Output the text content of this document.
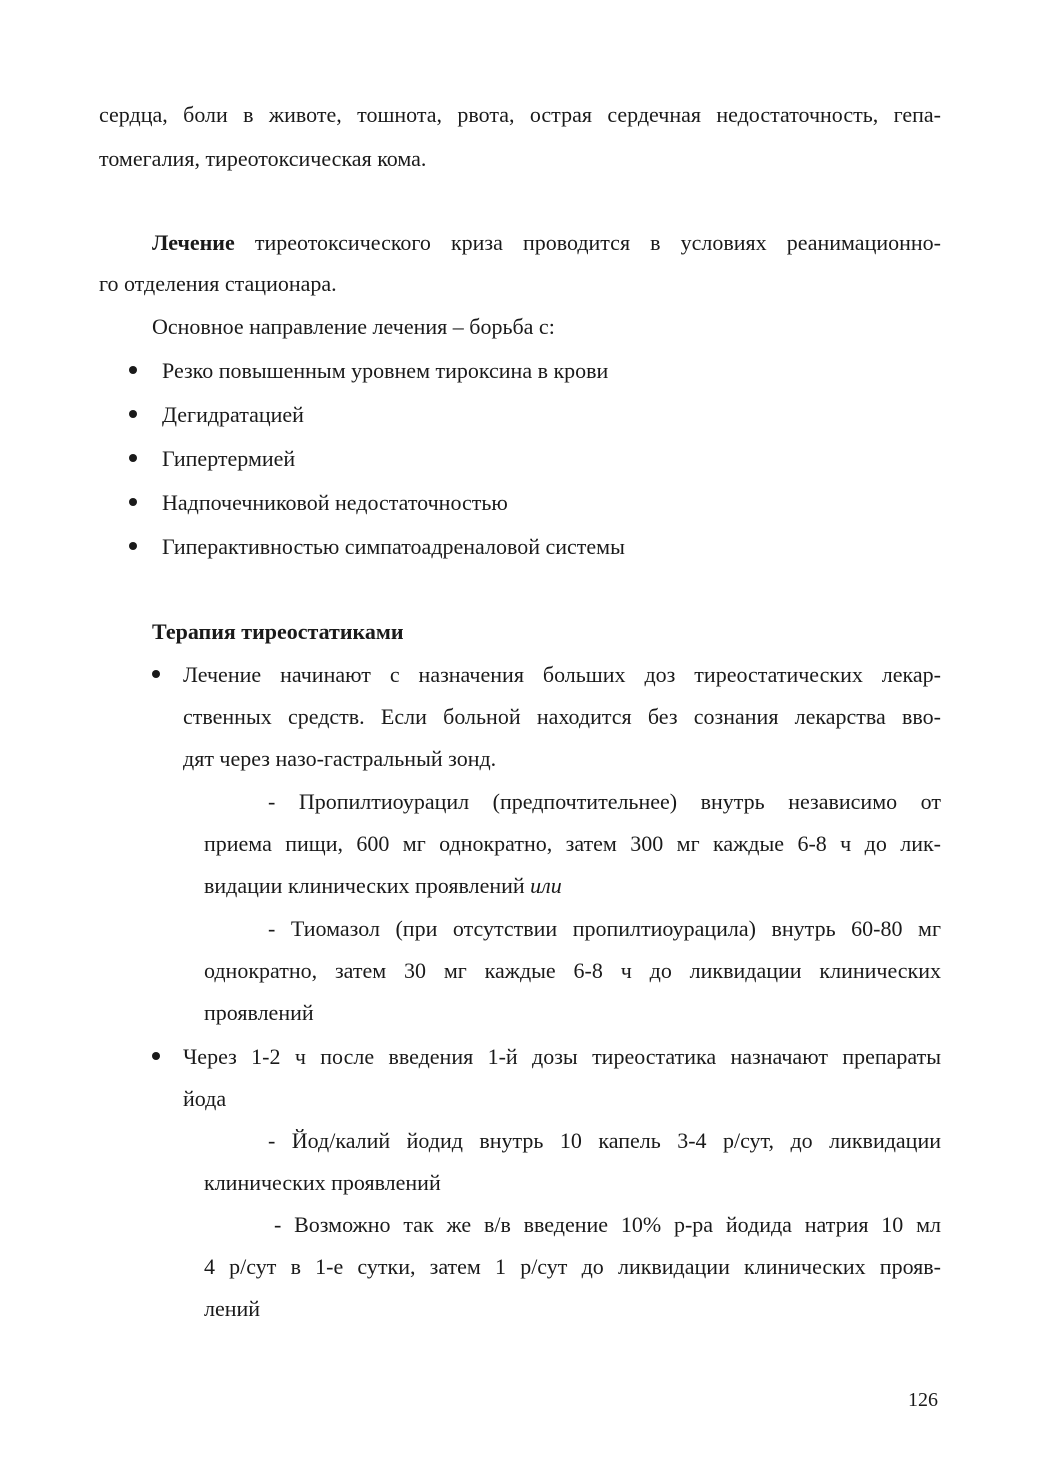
сердца, боли в животе, тошнота, рвота, острая сердечная недостаточность, гепа-
томегалия, тиреотоксическая кома.
Лечение тиреотоксического криза проводится в условиях реанимационно-
го отделения стационара.
Основное направление лечения – борьба с:
Резко повышенным уровнем тироксина в крови
Дегидратацией
Гипертермией
Надпочечниковой недостаточностью
Гиперактивностью симпатоадреналовой системы
Терапия тиреостатиками
Лечение начинают с назначения больших доз тиреостатических лекар-
ственных средств. Если больной находится без сознания лекарства вво-
дят через назо-гастральный зонд.
- Пропилтиоурацил (предпочтительнее) внутрь независимо от
приема пищи, 600 мг однократно, затем 300 мг каждые 6-8 ч до лик-
видации клинических проявлений или
- Тиомазол (при отсутствии пропилтиоурацила) внутрь 60-80 мг
однократно, затем 30 мг каждые 6-8 ч до ликвидации клинических
проявлений
Через 1-2 ч после введения 1-й дозы тиреостатика назначают препараты
йода
- Йод/калий йодид внутрь 10 капель 3-4 р/сут, до ликвидации
клинических проявлений
- Возможно так же в/в введение 10% р-ра йодида натрия 10 мл
4 р/сут в 1-е сутки, затем 1 р/сут до ликвидации клинических прояв-
лений
126
